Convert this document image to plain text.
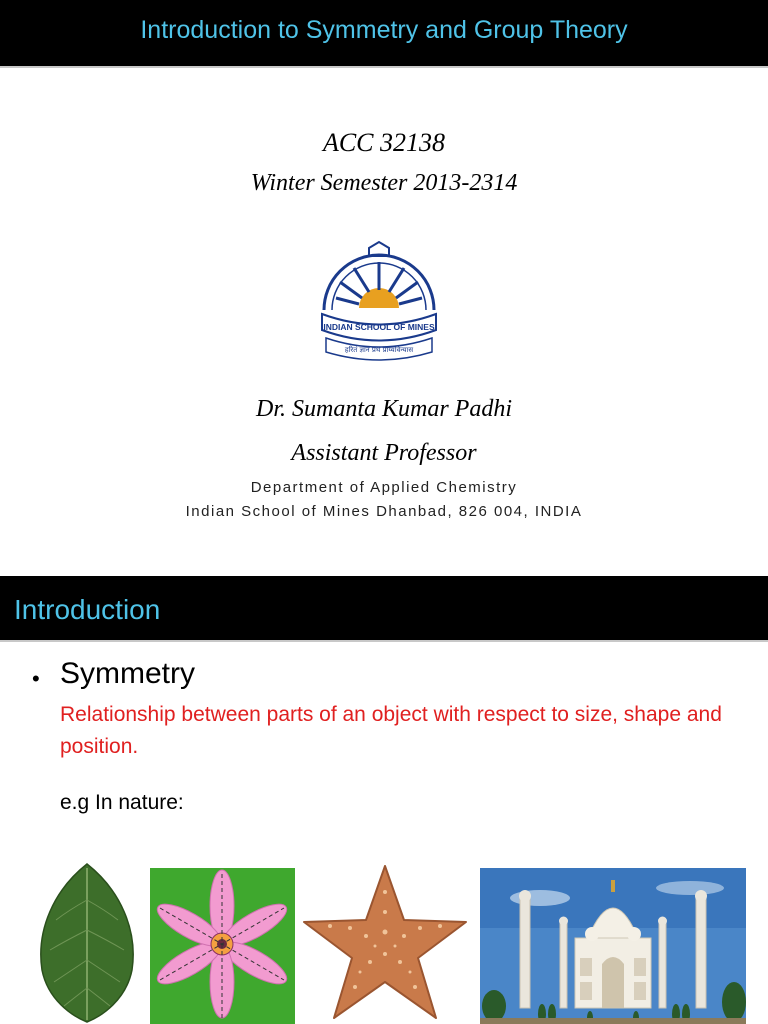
Introduction to Symmetry and Group Theory
ACC 32138
Winter Semester 2013-2314
INDIAN SCHOOL OF MINES
हरितं ज्ञान प्रथ प्राय्यविन्यास
Dr. Sumanta Kumar Padhi
Assistant Professor
Department of Applied Chemistry
Indian School of Mines Dhanbad, 826 004, INDIA
Introduction
• Symmetry
Relationship between parts of an object with respect to size, shape and position.
e.g In nature:
